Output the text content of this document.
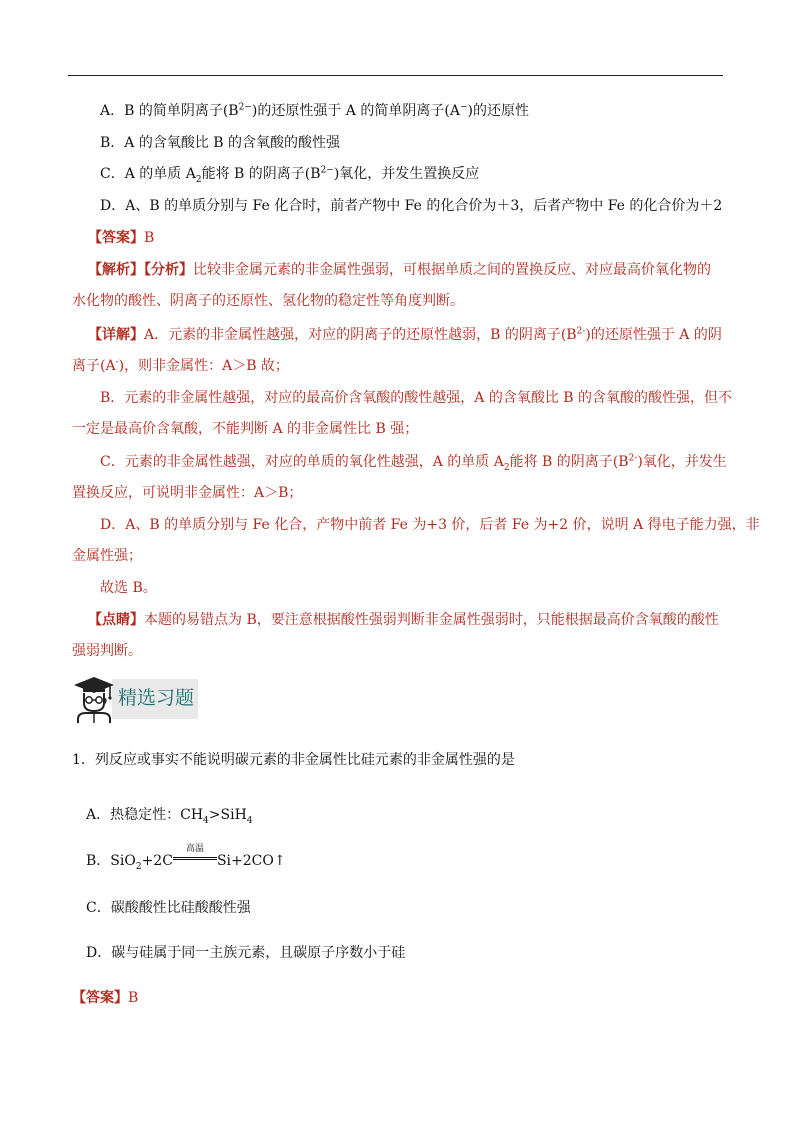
A．B 的简单阴离子$(B^{2-})$的还原性强于 A 的简单阴离子(A−)的还原性
B．A 的含氧酸比 B 的含氧酸的酸性强
C．A 的单质 $A_2$能将 B 的阴离子$(B^{2-})$氧化，并发生置换反应
D．A、B 的单质分别与 Fe 化合时，前者产物中 Fe 的化合价为＋3，后者产物中 Fe 的化合价为＋2
【答案】B
【解析】【分析】比较非金属元素的非金属性强弱，可根据单质之间的置换反应、对应最高价氧化物的
水化物的酸性、阴离子的还原性、氢化物的稳定性等角度判断。
【详解】A．元素的非金属性越强，对应的阴离子的还原性越弱，B 的阴离子$(B^{2-})$的还原性强于 A 的阴
离子(A-)，则非金属性：A＞B 故；
B．元素的非金属性越强，对应的最高价含氧酸的酸性越强，A 的含氧酸比 B 的含氧酸的酸性强，但不
一定是最高价含氧酸，不能判断 A 的非金属性比 B 强；
C．元素的非金属性越强，对应的单质的氧化性越强，A 的单质 $A_2$能将 B 的阴离子$(B^{2-})$氧化，并发生
置换反应，可说明非金属性：A＞B；
D．A、B 的单质分别与 Fe 化合，产物中前者 Fe 为+3 价，后者 Fe 为+2 价，说明 A 得电子能力强，非
金属性强；
故选 B。
【点睛】本题的易错点为 B，要注意根据酸性强弱判断非金属性强弱时，只能根据最高价含氧酸的酸性
强弱判断。
精选习题
1．列反应或事实不能说明碳元素的非金属性比硅元素的非金属性强的是
A．热稳定性：$CH_4>SiH_4$
B．SiO$_2$+2C
高温
Si+2CO↑
C．碳酸酸性比硅酸酸性强
D．碳与硅属于同一主族元素，且碳原子序数小于硅
【答案】B
